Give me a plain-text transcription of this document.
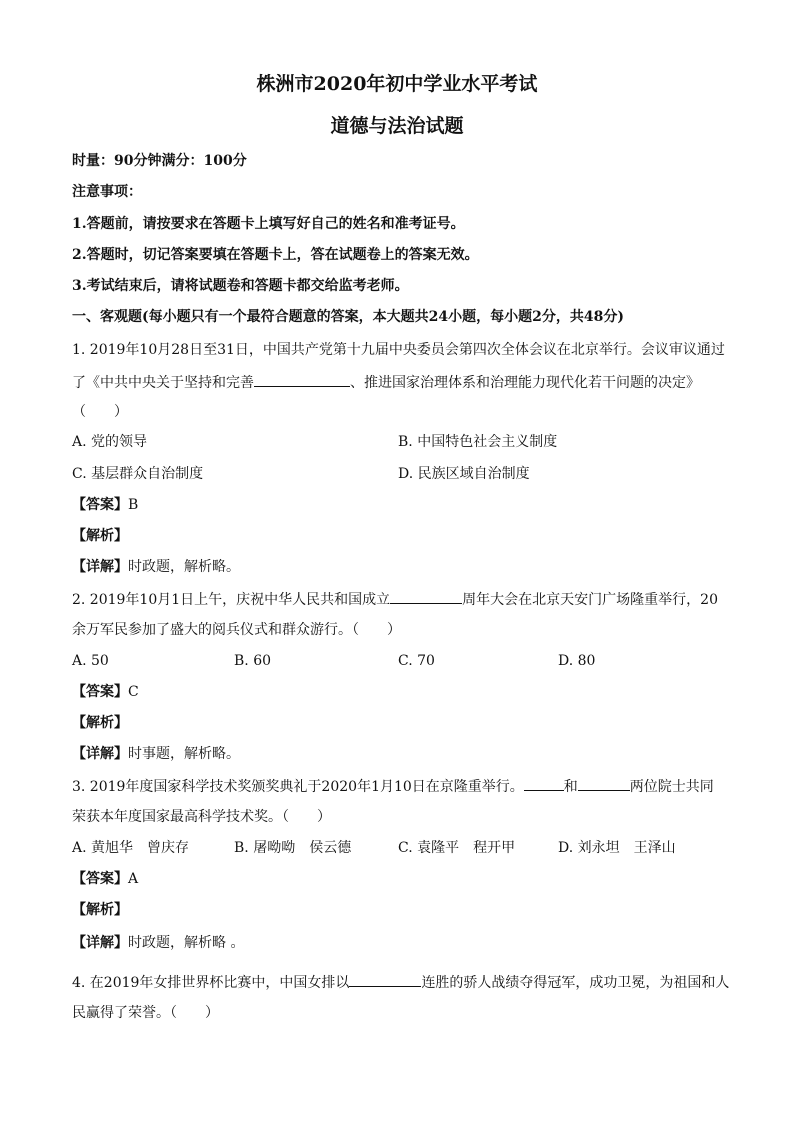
株洲市2020年初中学业水平考试
道德与法治试题
时量：90分钟满分：100分
注意事项：
1.答题前，请按要求在答题卡上填写好自己的姓名和准考证号。
2.答题时，切记答案要填在答题卡上，答在试题卷上的答案无效。
3.考试结束后，请将试题卷和答题卡都交给监考老师。
一、客观题(每小题只有一个最符合题意的答案，本大题共24小题，每小题2分，共48分)
1. 2019年10月28日至31日，中国共产党第十九届中央委员会第四次全体会议在北京举行。会议审议通过
了《中共中央关于坚持和完善	、推进国家治理体系和治理能力现代化若干问题的决定》
（　　）
A. 党的领导	B. 中国特色社会主义制度
C. 基层群众自治制度	D. 民族区域自治制度
【答案】B
【解析】
【详解】时政题，解析略。
2. 2019年10月1日上午，庆祝中华人民共和国成立	周年大会在北京天安门广场隆重举行，20
余万军民参加了盛大的阅兵仪式和群众游行。（　　）
A. 50	B. 60	C. 70	D. 80
【答案】C
【解析】
【详解】时事题，解析略。
3. 2019年度国家科学技术奖颁奖典礼于2020年1月10日在京隆重举行。	和	两位院士共同
荣获本年度国家最高科学技术奖。（　　）
A. 黄旭华　曾庆存	B. 屠呦呦　侯云德	C. 袁隆平　程开甲	D. 刘永坦　王泽山
【答案】A
【解析】
【详解】时政题，解析略 。
4. 在2019年女排世界杯比赛中，中国女排以	连胜的骄人战绩夺得冠军，成功卫冕，为祖国和人
民赢得了荣誉。（　　）
